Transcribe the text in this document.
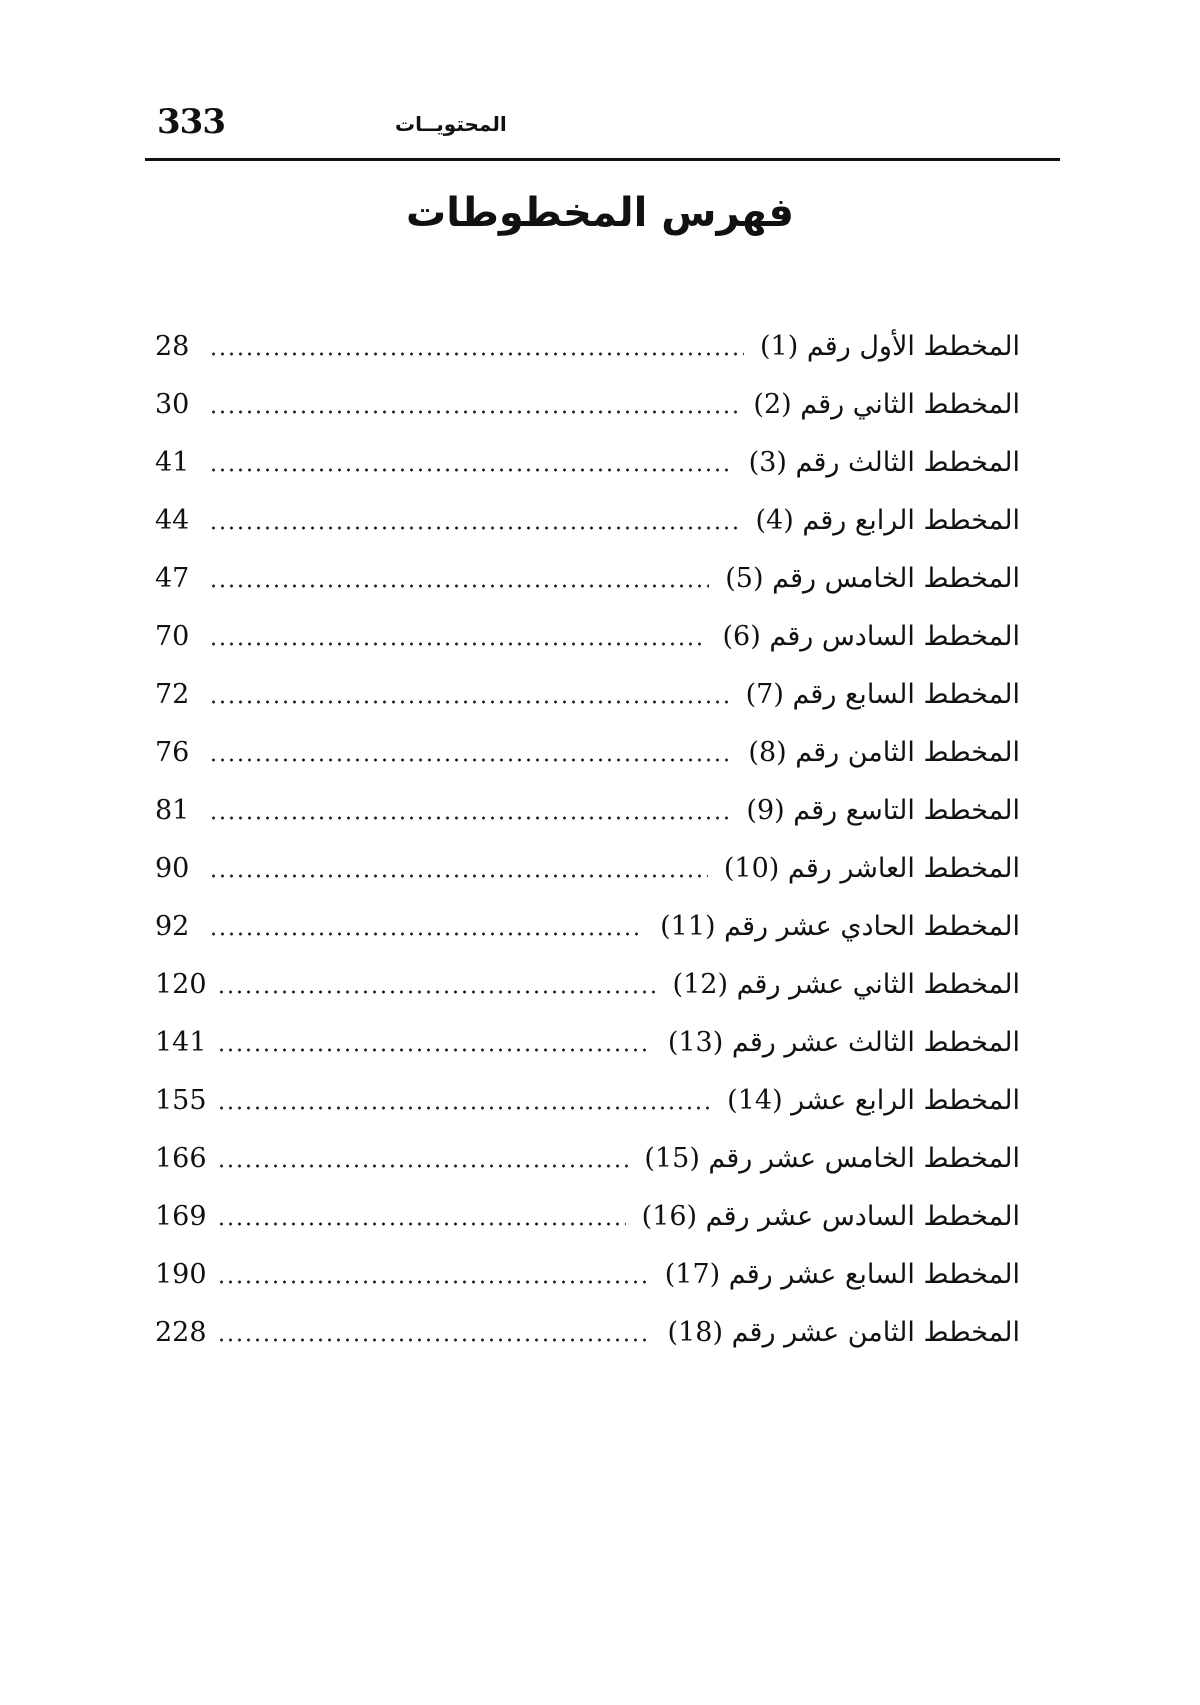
333	المحتويــات
فهرس المخطوطات
المخطط الأول رقم (1)
28
المخطط الثاني رقم (2)
30
المخطط الثالث رقم (3)
41
المخطط الرابع رقم (4)
44
المخطط الخامس رقم (5)
47
المخطط السادس رقم (6)
70
المخطط السابع رقم (7)
72
المخطط الثامن رقم (8)
76
المخطط التاسع رقم (9)
81
المخطط العاشر رقم (10)
90
المخطط الحادي عشر رقم (11)
92
المخطط الثاني عشر رقم (12)
120
المخطط الثالث عشر رقم (13)
141
المخطط الرابع عشر (14)
155
المخطط الخامس عشر رقم (15)
166
المخطط السادس عشر رقم (16)
169
المخطط السابع عشر رقم (17)
190
المخطط الثامن عشر رقم (18)
228
